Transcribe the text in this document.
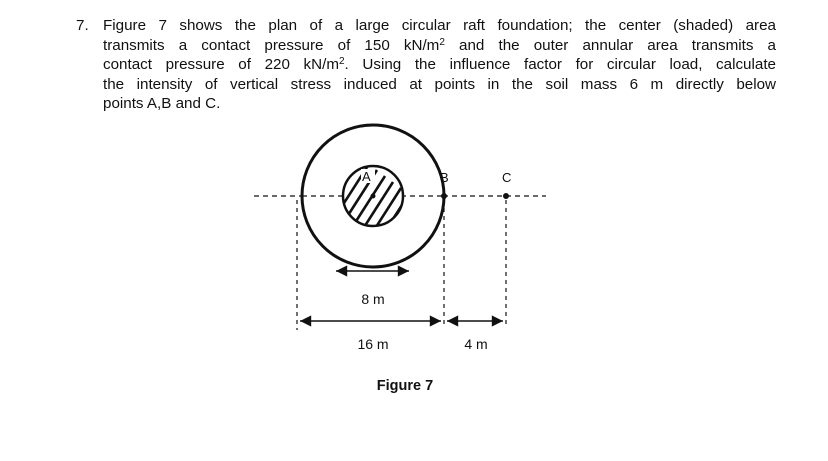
7. Figure 7 shows the plan of a large circular raft foundation; the center (shaded) area
transmits a contact pressure of 150 $kN/m^2$ and the outer annular area transmits a
contact pressure of 220 $kN/m^2$. Using the influence factor for circular load, calculate
the intensity of vertical stress induced at points in the soil mass 6 m directly below
points A,B and C.
A	B	C
8 m
16 m	4 m
Figure 7
